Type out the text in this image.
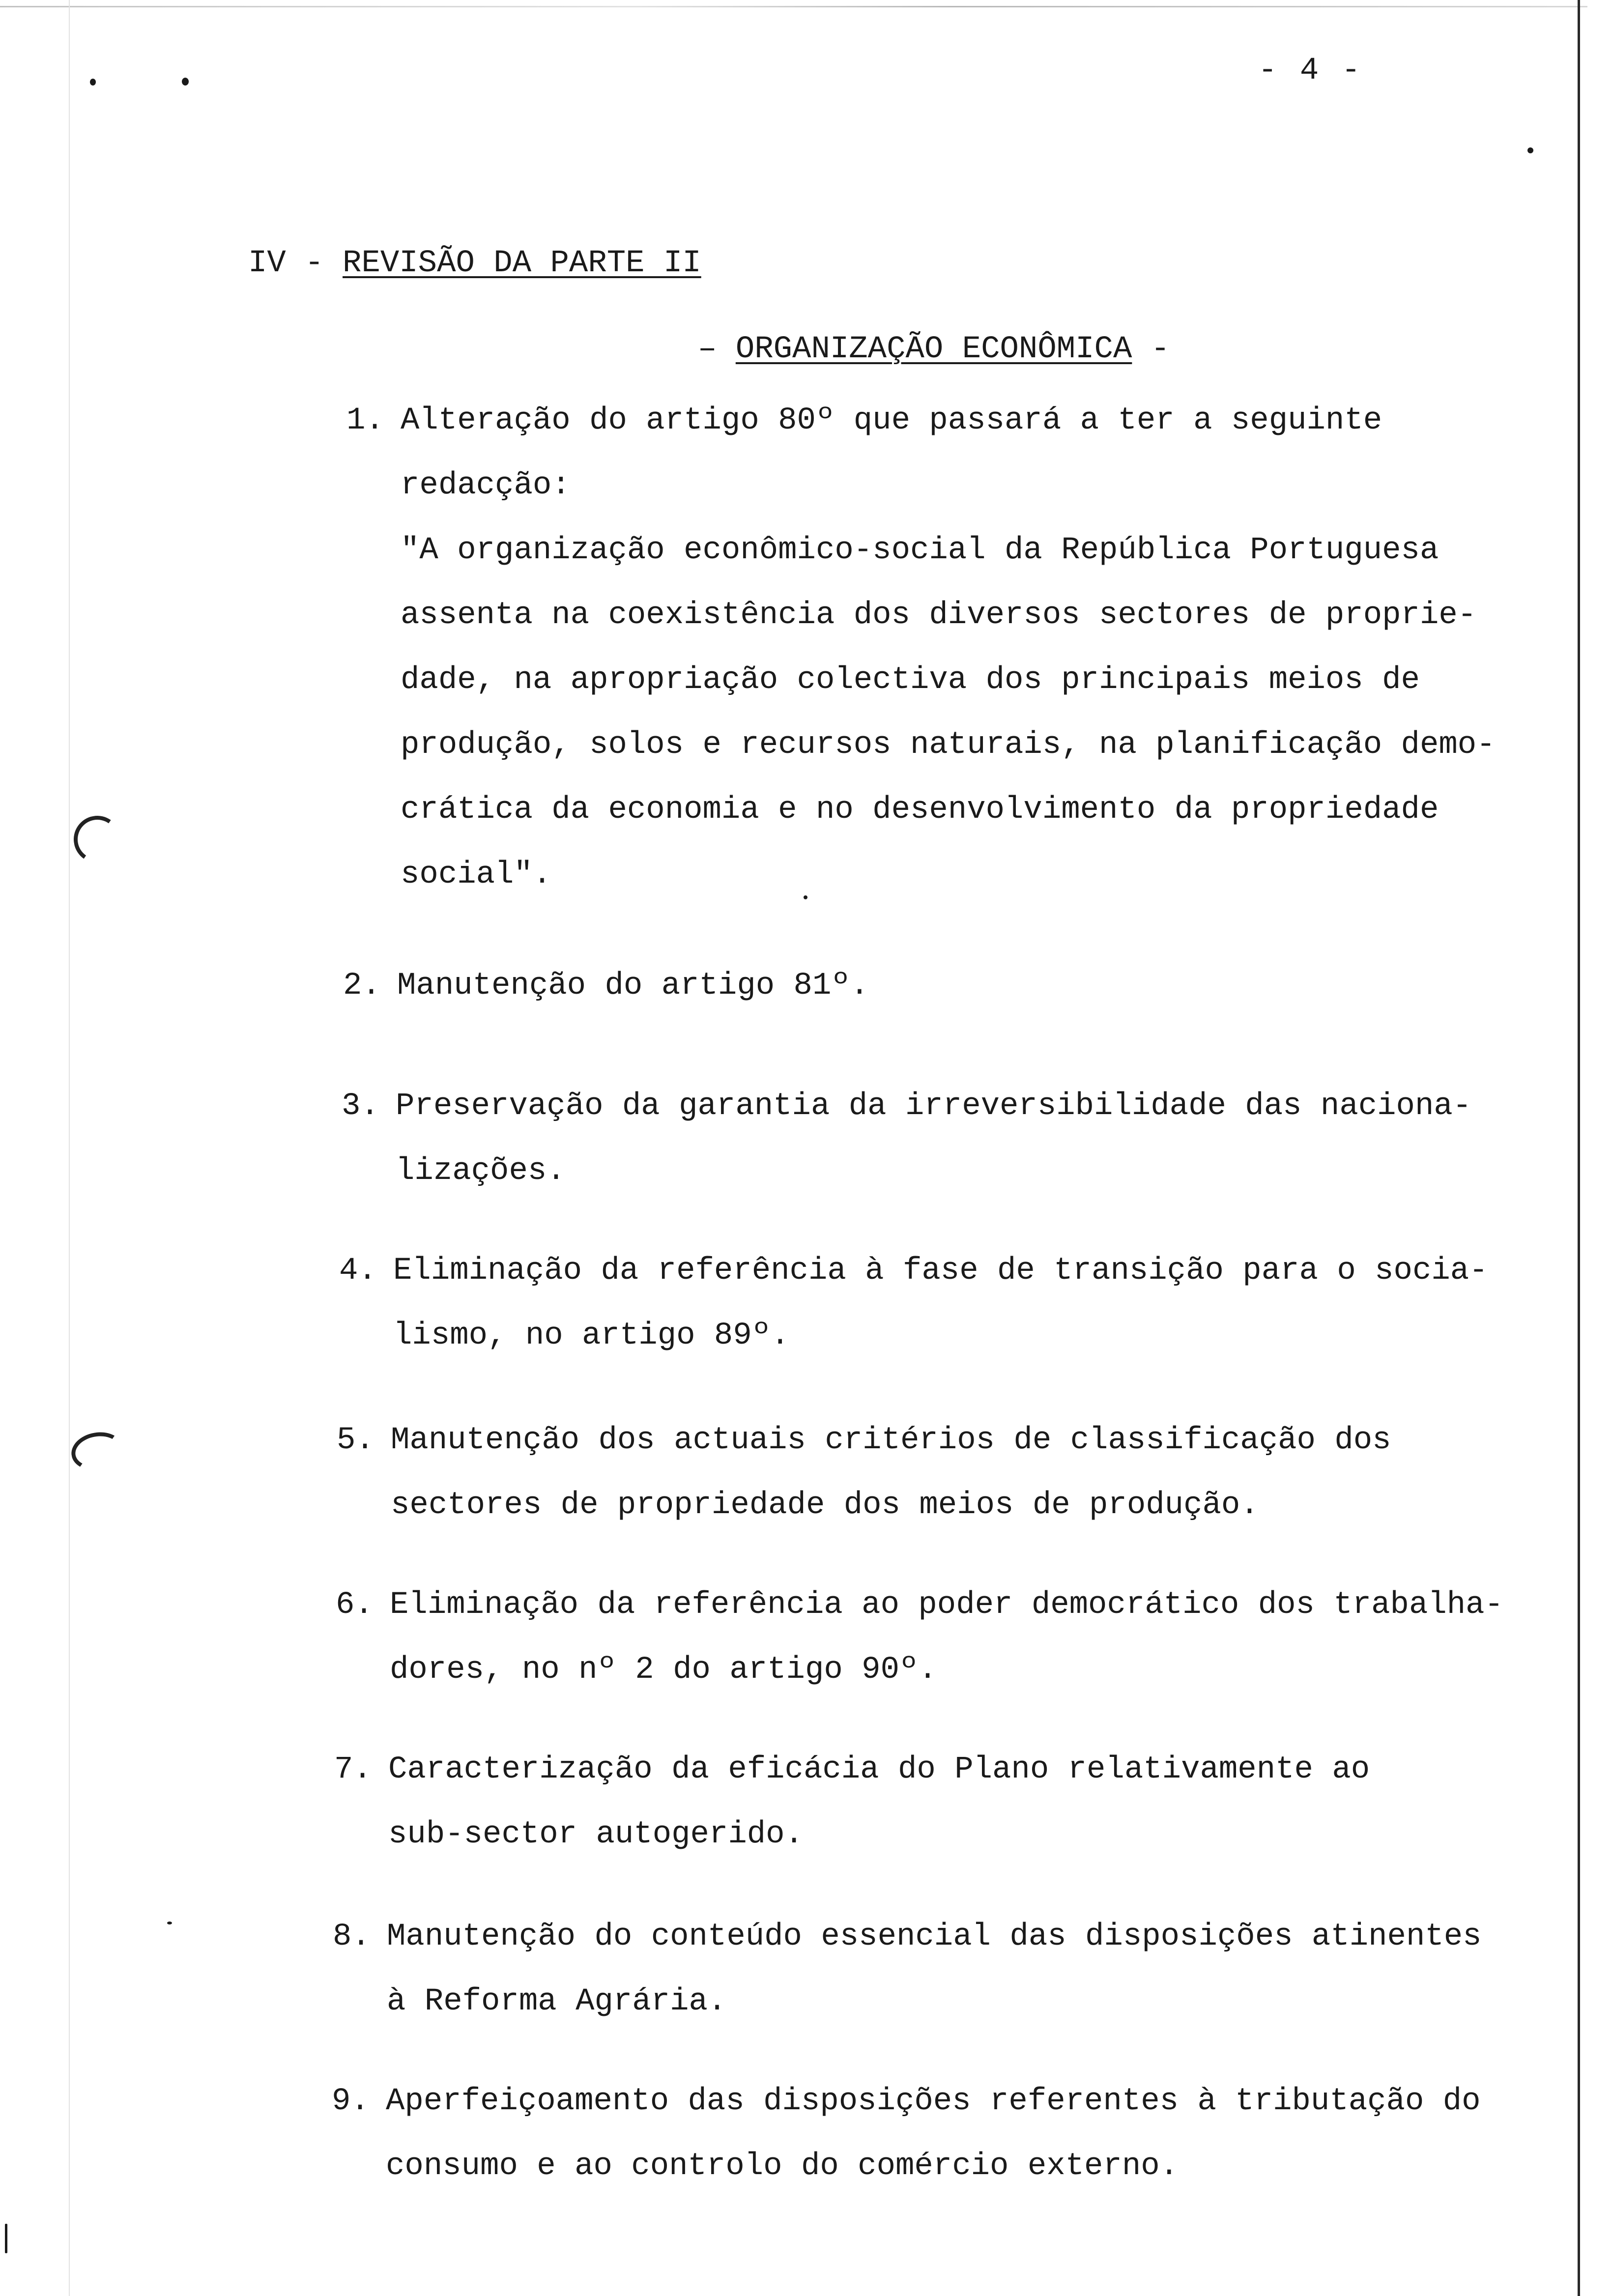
- 4 -
IV - REVISÃO DA PARTE II
– ORGANIZAÇÃO ECONÔMICA -
1. Alteração do artigo 80º que passará a ter a seguinte
redacção:
"A organização econômico-social da República Portuguesa
assenta na coexistência dos diversos sectores de proprie-
dade, na apropriação colectiva dos principais meios de
produção, solos e recursos naturais, na planificação demo-
crática da economia e no desenvolvimento da propriedade
social".
2. Manutenção do artigo 81º.
3. Preservação da garantia da irreversibilidade das naciona-
lizações.
4. Eliminação da referência à fase de transição para o socia-
lismo, no artigo 89º.
5. Manutenção dos actuais critérios de classificação dos
sectores de propriedade dos meios de produção.
6. Eliminação da referência ao poder democrático dos trabalha-
dores, no nº 2 do artigo 90º.
7. Caracterização da eficácia do Plano relativamente ao
sub-sector autogerido.
8. Manutenção do conteúdo essencial das disposições atinentes
à Reforma Agrária.
9. Aperfeiçoamento das disposições referentes à tributação do
consumo e ao controlo do comércio externo.
